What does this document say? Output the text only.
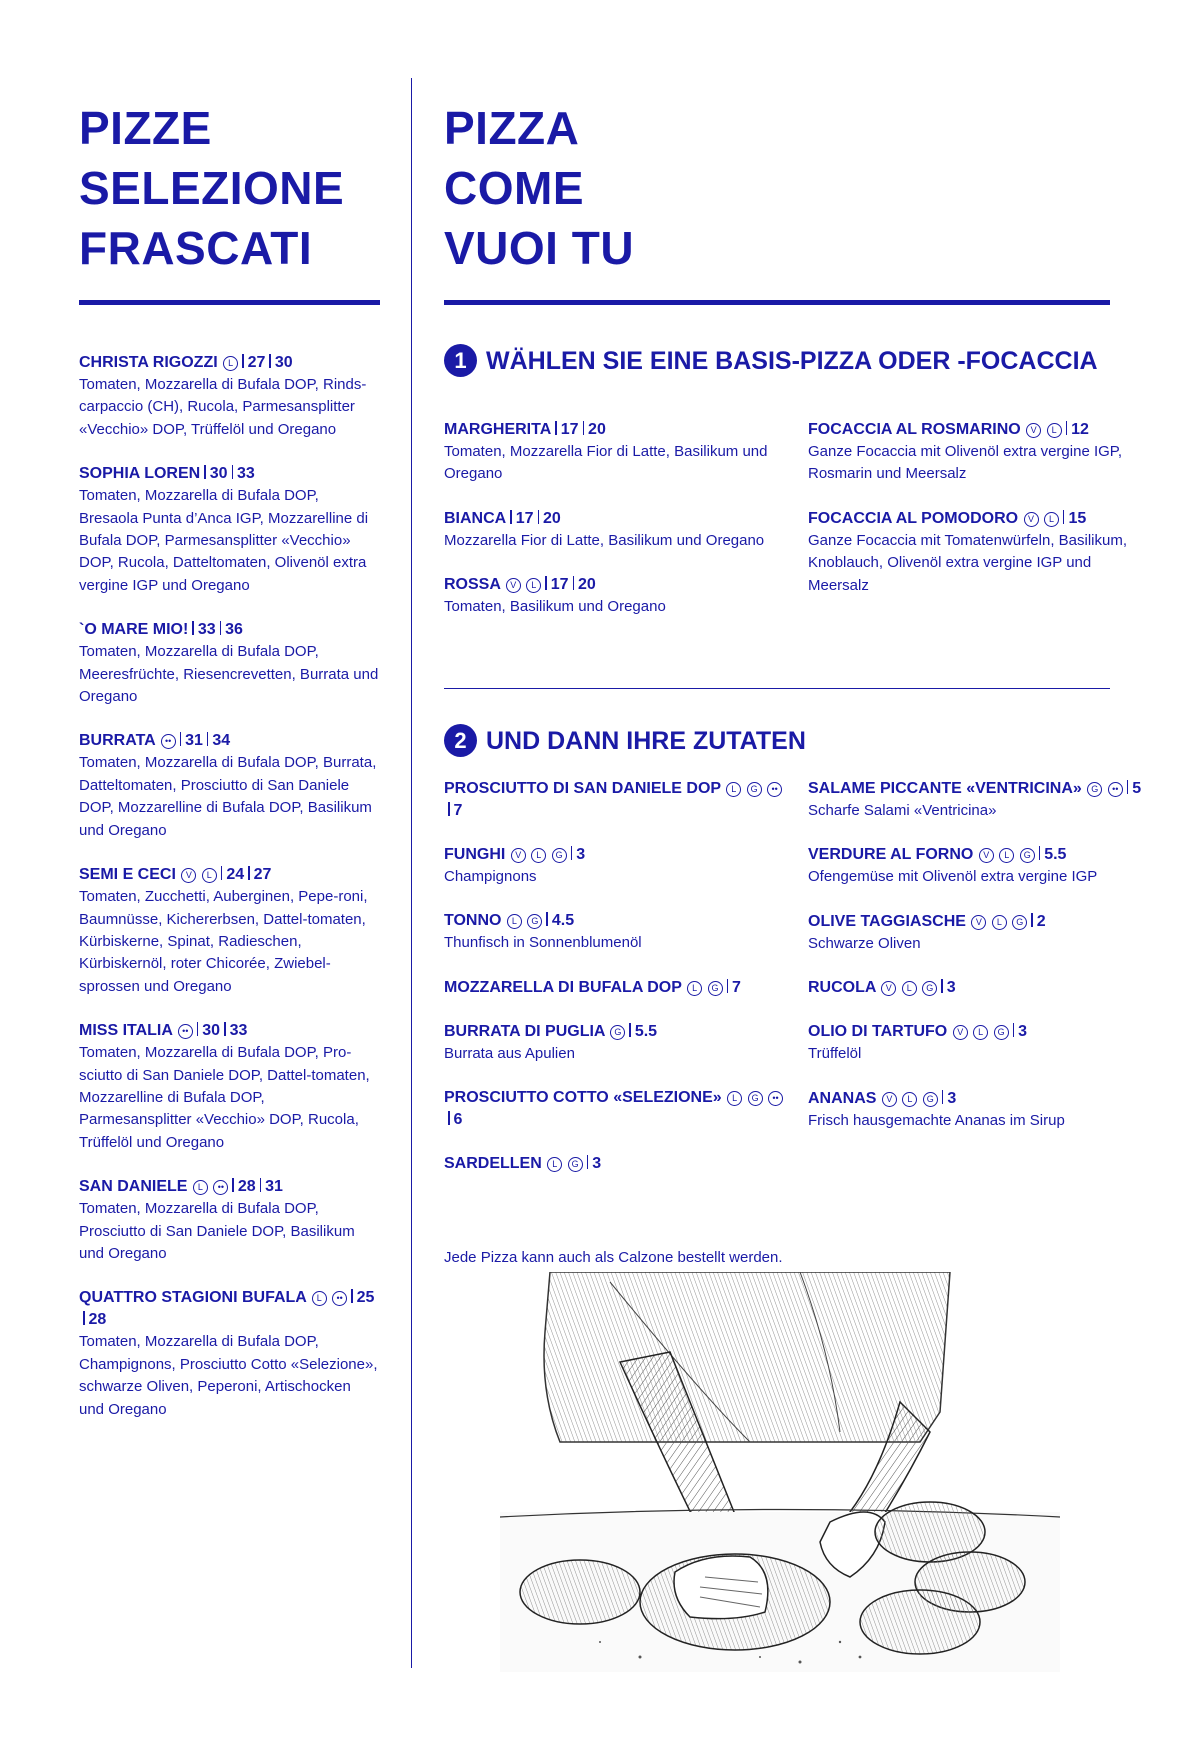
PIZZE
SELEZIONE
FRASCATI
CHRISTA RIGOZZI L 27 30
Tomaten, Mozzarella di Bufala DOP, Rinds-carpaccio (CH), Rucola, Parmesansplitter «Vecchio» DOP, Trüffelöl und Oregano
SOPHIA LOREN 30 33
Tomaten, Mozzarella di Bufala DOP, Bresaola Punta d’Anca IGP, Mozzarelline di Bufala DOP, Parmesansplitter «Vecchio» DOP, Rucola, Datteltomaten, Olivenöl extra vergine IGP und Oregano
`O MARE MIO! 33 36
Tomaten, Mozzarella di Bufala DOP, Meeresfrüchte, Riesencrevetten, Burrata und Oregano
BURRATA •• 31 34
Tomaten, Mozzarella di Bufala DOP, Burrata, Datteltomaten, Prosciutto di San Daniele DOP, Mozzarelline di Bufala DOP, Basilikum und Oregano
SEMI E CECI V L 24 27
Tomaten, Zucchetti, Auberginen, Pepe-roni, Baumnüsse, Kichererbsen, Dattel-tomaten, Kürbiskerne, Spinat, Radieschen, Kürbiskernöl, roter Chicorée, Zwiebel-sprossen und Oregano
MISS ITALIA •• 30 33
Tomaten, Mozzarella di Bufala DOP, Pro-sciutto di San Daniele DOP, Dattel-tomaten, Mozzarelline di Bufala DOP, Parmesansplitter «Vecchio» DOP, Rucola, Trüffelöl und Oregano
SAN DANIELE L •• 28 31
Tomaten, Mozzarella di Bufala DOP, Prosciutto di San Daniele DOP, Basilikum und Oregano
QUATTRO STAGIONI BUFALA L •• 2528
Tomaten, Mozzarella di Bufala DOP, Champignons, Prosciutto Cotto «Selezione», schwarze Oliven, Peperoni, Artischocken und Oregano
PIZZA
COME
VUOI TU
1 WÄHLEN SIE EINE BASIS-PIZZA ODER -FOCACCIA
MARGHERITA 17 20
Tomaten, Mozzarella Fior di Latte, Basilikum und Oregano
BIANCA 17 20
Mozzarella Fior di Latte, Basilikum und Oregano
ROSSA V L 17 20
Tomaten, Basilikum und Oregano
FOCACCIA AL ROSMARINO V L 12
Ganze Focaccia mit Olivenöl extra vergine IGP, Rosmarin und Meersalz
FOCACCIA AL POMODORO V L 15
Ganze Focaccia mit Tomatenwürfeln, Basilikum, Knoblauch, Olivenöl extra vergine IGP und Meersalz
2 UND DANN IHRE ZUTATEN
PROSCIUTTO DI SAN DANIELE DOP L G ••7
FUNGHI V L G 3
Champignons
TONNO L G 4.5
Thunfisch in Sonnenblumenöl
MOZZARELLA DI BUFALA DOP L G 7
BURRATA DI PUGLIA G 5.5
Burrata aus Apulien
PROSCIUTTO COTTO «SELEZIONE» L G ••6
SARDELLEN L G 3
SALAME PICCANTE «VENTRICINA» G •• 5
Scharfe Salami «Ventricina»
VERDURE AL FORNO V L G 5.5
Ofengemüse mit Olivenöl extra vergine IGP
OLIVE TAGGIASCHE V L G 2
Schwarze Oliven
RUCOLA V L G 3
OLIO DI TARTUFO V L G 3
Trüffelöl
ANANAS V L G 3
Frisch hausgemachte Ananas im Sirup
Jede Pizza kann auch als Calzone bestellt werden.
